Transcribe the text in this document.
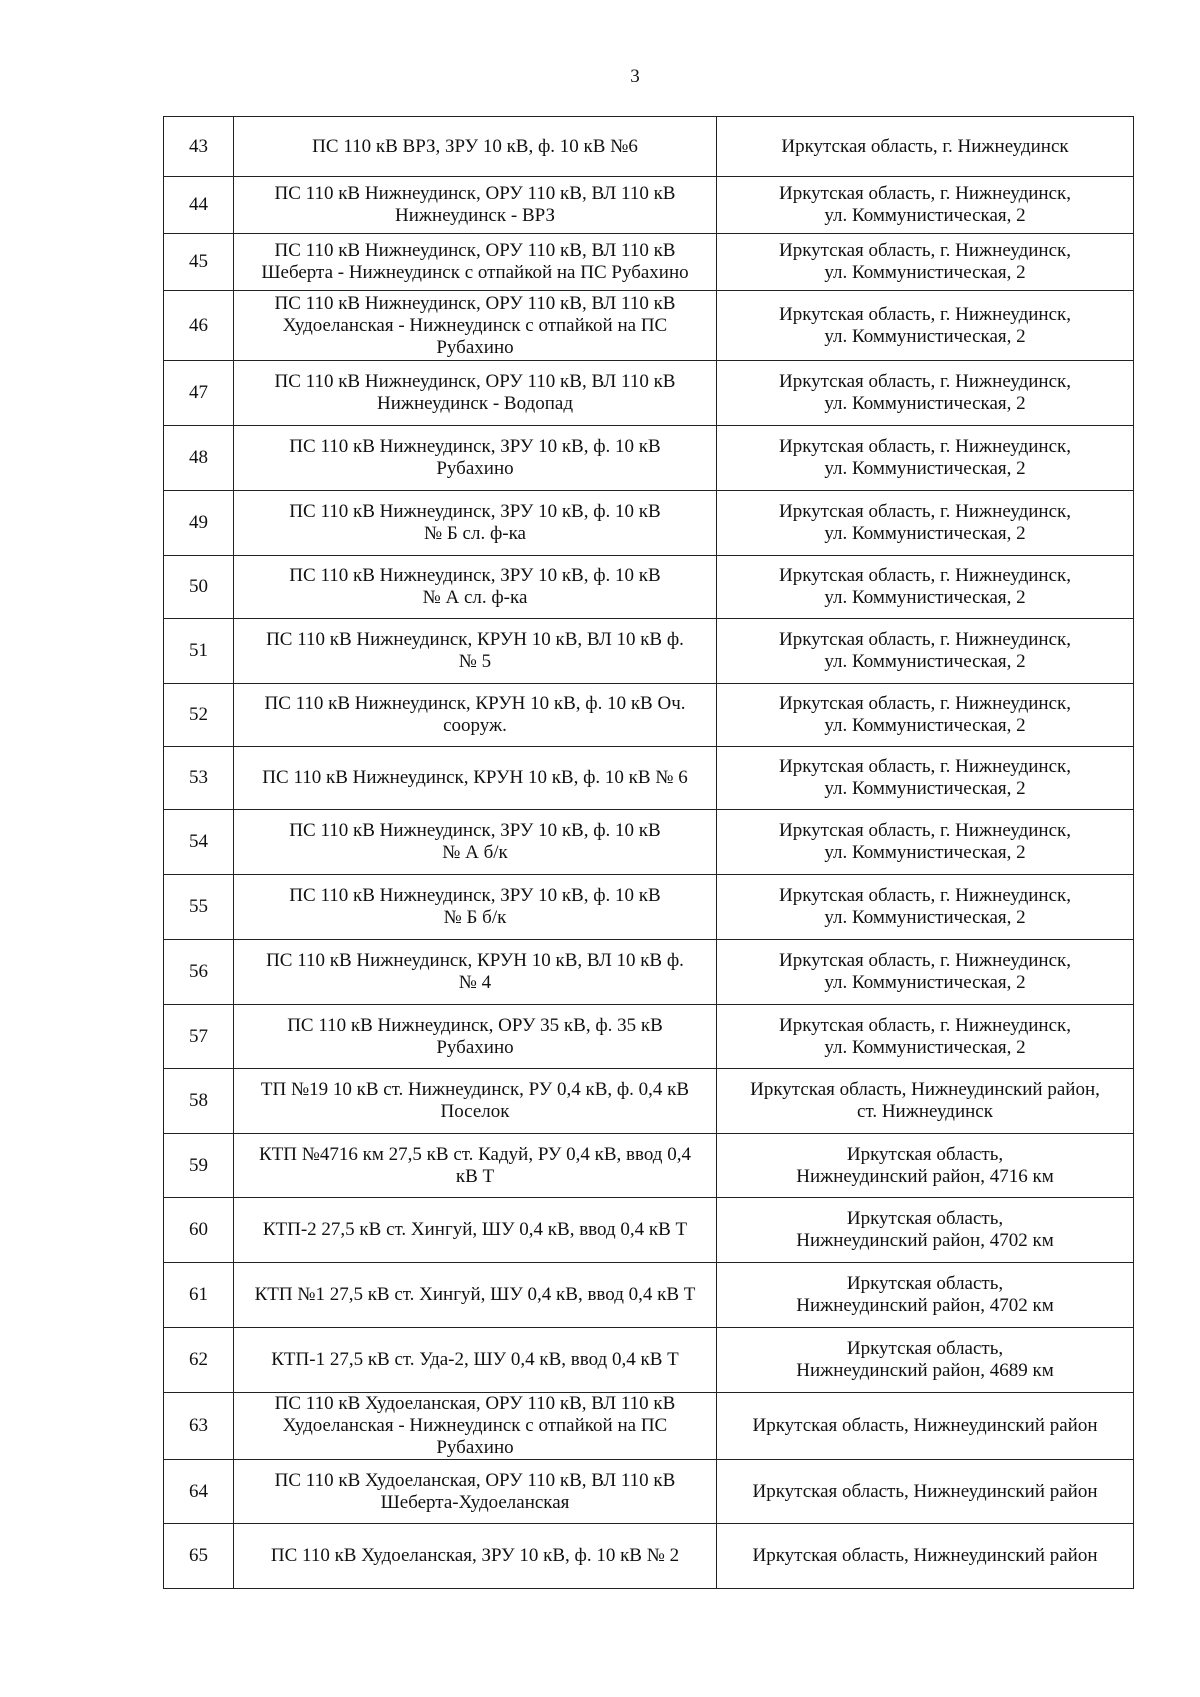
3
43	ПС 110 кВ ВРЗ, ЗРУ 10 кВ, ф. 10 кВ №6	Иркутская область, г. Нижнеудинск
44	ПС 110 кВ Нижнеудинск, ОРУ 110 кВ, ВЛ 110 кВ
Нижнеудинск - ВРЗ	Иркутская область, г. Нижнеудинск,
ул. Коммунистическая, 2
45	ПС 110 кВ Нижнеудинск, ОРУ 110 кВ, ВЛ 110 кВ
Шеберта - Нижнеудинск с отпайкой на ПС Рубахино	Иркутская область, г. Нижнеудинск,
ул. Коммунистическая, 2
46	ПС 110 кВ Нижнеудинск, ОРУ 110 кВ, ВЛ 110 кВ
Худоеланская - Нижнеудинск с отпайкой на ПС
Рубахино	Иркутская область, г. Нижнеудинск,
ул. Коммунистическая, 2
47	ПС 110 кВ Нижнеудинск, ОРУ 110 кВ, ВЛ 110 кВ
Нижнеудинск - Водопад	Иркутская область, г. Нижнеудинск,
ул. Коммунистическая, 2
48	ПС 110 кВ Нижнеудинск, ЗРУ 10 кВ, ф. 10 кВ
Рубахино	Иркутская область, г. Нижнеудинск,
ул. Коммунистическая, 2
49	ПС 110 кВ Нижнеудинск, ЗРУ 10 кВ, ф. 10 кВ
№ Б сл. ф-ка	Иркутская область, г. Нижнеудинск,
ул. Коммунистическая, 2
50	ПС 110 кВ Нижнеудинск, ЗРУ 10 кВ, ф. 10 кВ
№ А сл. ф-ка	Иркутская область, г. Нижнеудинск,
ул. Коммунистическая, 2
51	ПС 110 кВ Нижнеудинск, КРУН 10 кВ, ВЛ 10 кВ ф.
№ 5	Иркутская область, г. Нижнеудинск,
ул. Коммунистическая, 2
52	ПС 110 кВ Нижнеудинск, КРУН 10 кВ, ф. 10 кВ Оч.
сооруж.	Иркутская область, г. Нижнеудинск,
ул. Коммунистическая, 2
53	ПС 110 кВ Нижнеудинск, КРУН 10 кВ, ф. 10 кВ № 6	Иркутская область, г. Нижнеудинск,
ул. Коммунистическая, 2
54	ПС 110 кВ Нижнеудинск, ЗРУ 10 кВ, ф. 10 кВ
№ А б/к	Иркутская область, г. Нижнеудинск,
ул. Коммунистическая, 2
55	ПС 110 кВ Нижнеудинск, ЗРУ 10 кВ, ф. 10 кВ
№ Б б/к	Иркутская область, г. Нижнеудинск,
ул. Коммунистическая, 2
56	ПС 110 кВ Нижнеудинск, КРУН 10 кВ, ВЛ 10 кВ ф.
№ 4	Иркутская область, г. Нижнеудинск,
ул. Коммунистическая, 2
57	ПС 110 кВ Нижнеудинск, ОРУ 35 кВ, ф. 35 кВ
Рубахино	Иркутская область, г. Нижнеудинск,
ул. Коммунистическая, 2
58	ТП №19 10 кВ ст. Нижнеудинск, РУ 0,4 кВ, ф. 0,4 кВ
Поселок	Иркутская область, Нижнеудинский район,
ст. Нижнеудинск
59	КТП №4716 км 27,5 кВ ст. Кадуй, РУ 0,4 кВ, ввод 0,4
кВ Т	Иркутская область,
Нижнеудинский район, 4716 км
60	КТП-2 27,5 кВ ст. Хингуй, ШУ 0,4 кВ, ввод 0,4 кВ Т	Иркутская область,
Нижнеудинский район, 4702 км
61	КТП №1 27,5 кВ ст. Хингуй, ШУ 0,4 кВ, ввод 0,4 кВ Т	Иркутская область,
Нижнеудинский район, 4702 км
62	КТП-1 27,5 кВ ст. Уда-2, ШУ 0,4 кВ, ввод 0,4 кВ Т	Иркутская область,
Нижнеудинский район, 4689 км
63	ПС 110 кВ Худоеланская, ОРУ 110 кВ, ВЛ 110 кВ
Худоеланская - Нижнеудинск с отпайкой на ПС
Рубахино	Иркутская область, Нижнеудинский район
64	ПС 110 кВ Худоеланская, ОРУ 110 кВ, ВЛ 110 кВ
Шеберта-Худоеланская	Иркутская область, Нижнеудинский район
65	ПС 110 кВ Худоеланская, ЗРУ 10 кВ, ф. 10 кВ № 2	Иркутская область, Нижнеудинский район
